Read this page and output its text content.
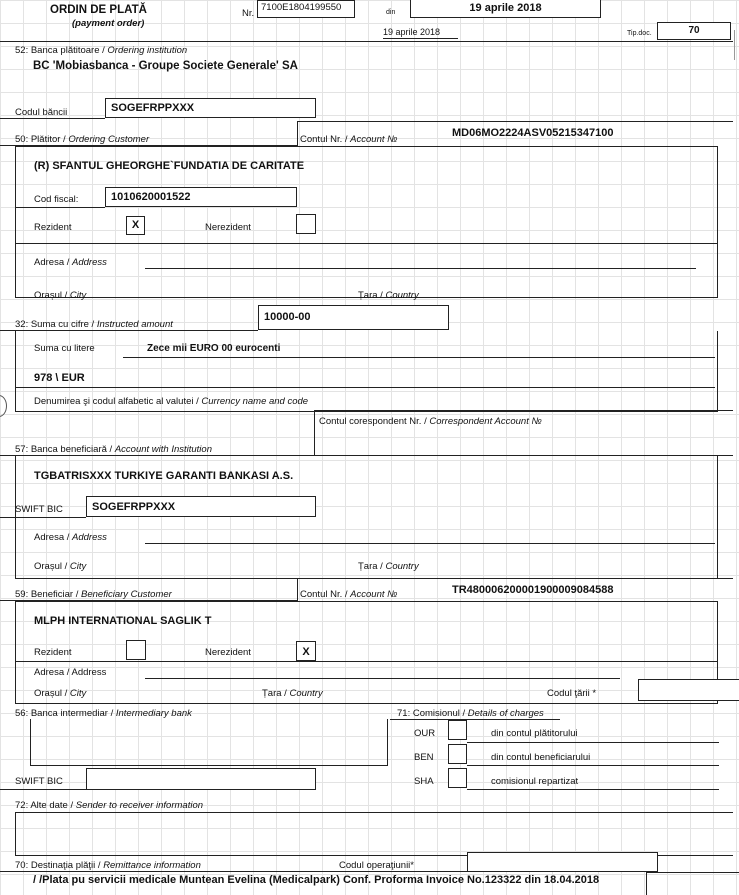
ORDIN DE PLATĂ
(payment order)
Nr.
7100E1804199550	din	19 aprile 2018
19 aprile 2018	Tip.doc.	70
52: Banca plătitoare / Ordering institution
BC 'Mobiasbanca - Groupe Societe Generale' SA
Codul băncii	SOGEFRPPXXX
50: Plătitor / Ordering Customer	Contul Nr. / Account №
MD06MO2224ASV05215347100
(R) SFANTUL GHEORGHE`FUNDATIA DE CARITATE
Cod fiscal:	1010620001522
Rezident	X	Nerezident
Adresa / Address
Orașul / City	Țara / Country
32: Suma cu cifre / Instructed amount
10000-00
Suma cu litere	Zece mii EURO 00 eurocenti
978 \ EUR
Denumirea şi codul alfabetic al valutei / Currency name and code
Contul corespondent Nr. / Correspondent Account №
57: Banca beneficiară / Account with Institution
TGBATRISXXX TURKIYE GARANTI BANKASI A.S.
SWIFT BIC	SOGEFRPPXXX
Adresa / Address
Orașul / City	Țara / Country
59: Beneficiar / Beneficiary Customer	Contul Nr. / Account №	TR480006200001900009084588
MLPH INTERNATIONAL SAGLIK T
Rezident	Nerezident	X
Adresa / Address
Orașul / City	Țara / Country	Codul ţării *
56: Banca intermediar / Intermediary bank
SWIFT BIC
71: Comisionul / Details of charges
OUR	din contul plătitorului
BEN	din contul beneficiarului
SHA	comisionul repartizat
72: Alte date / Sender to receiver information
70: Destinaţia plăţii / Remittance information	Codul operaţiunii*
/ /Plata pu servicii medicale Muntean Evelina (Medicalpark) Conf. Proforma Invoice No.123322 din 18.04.2018
